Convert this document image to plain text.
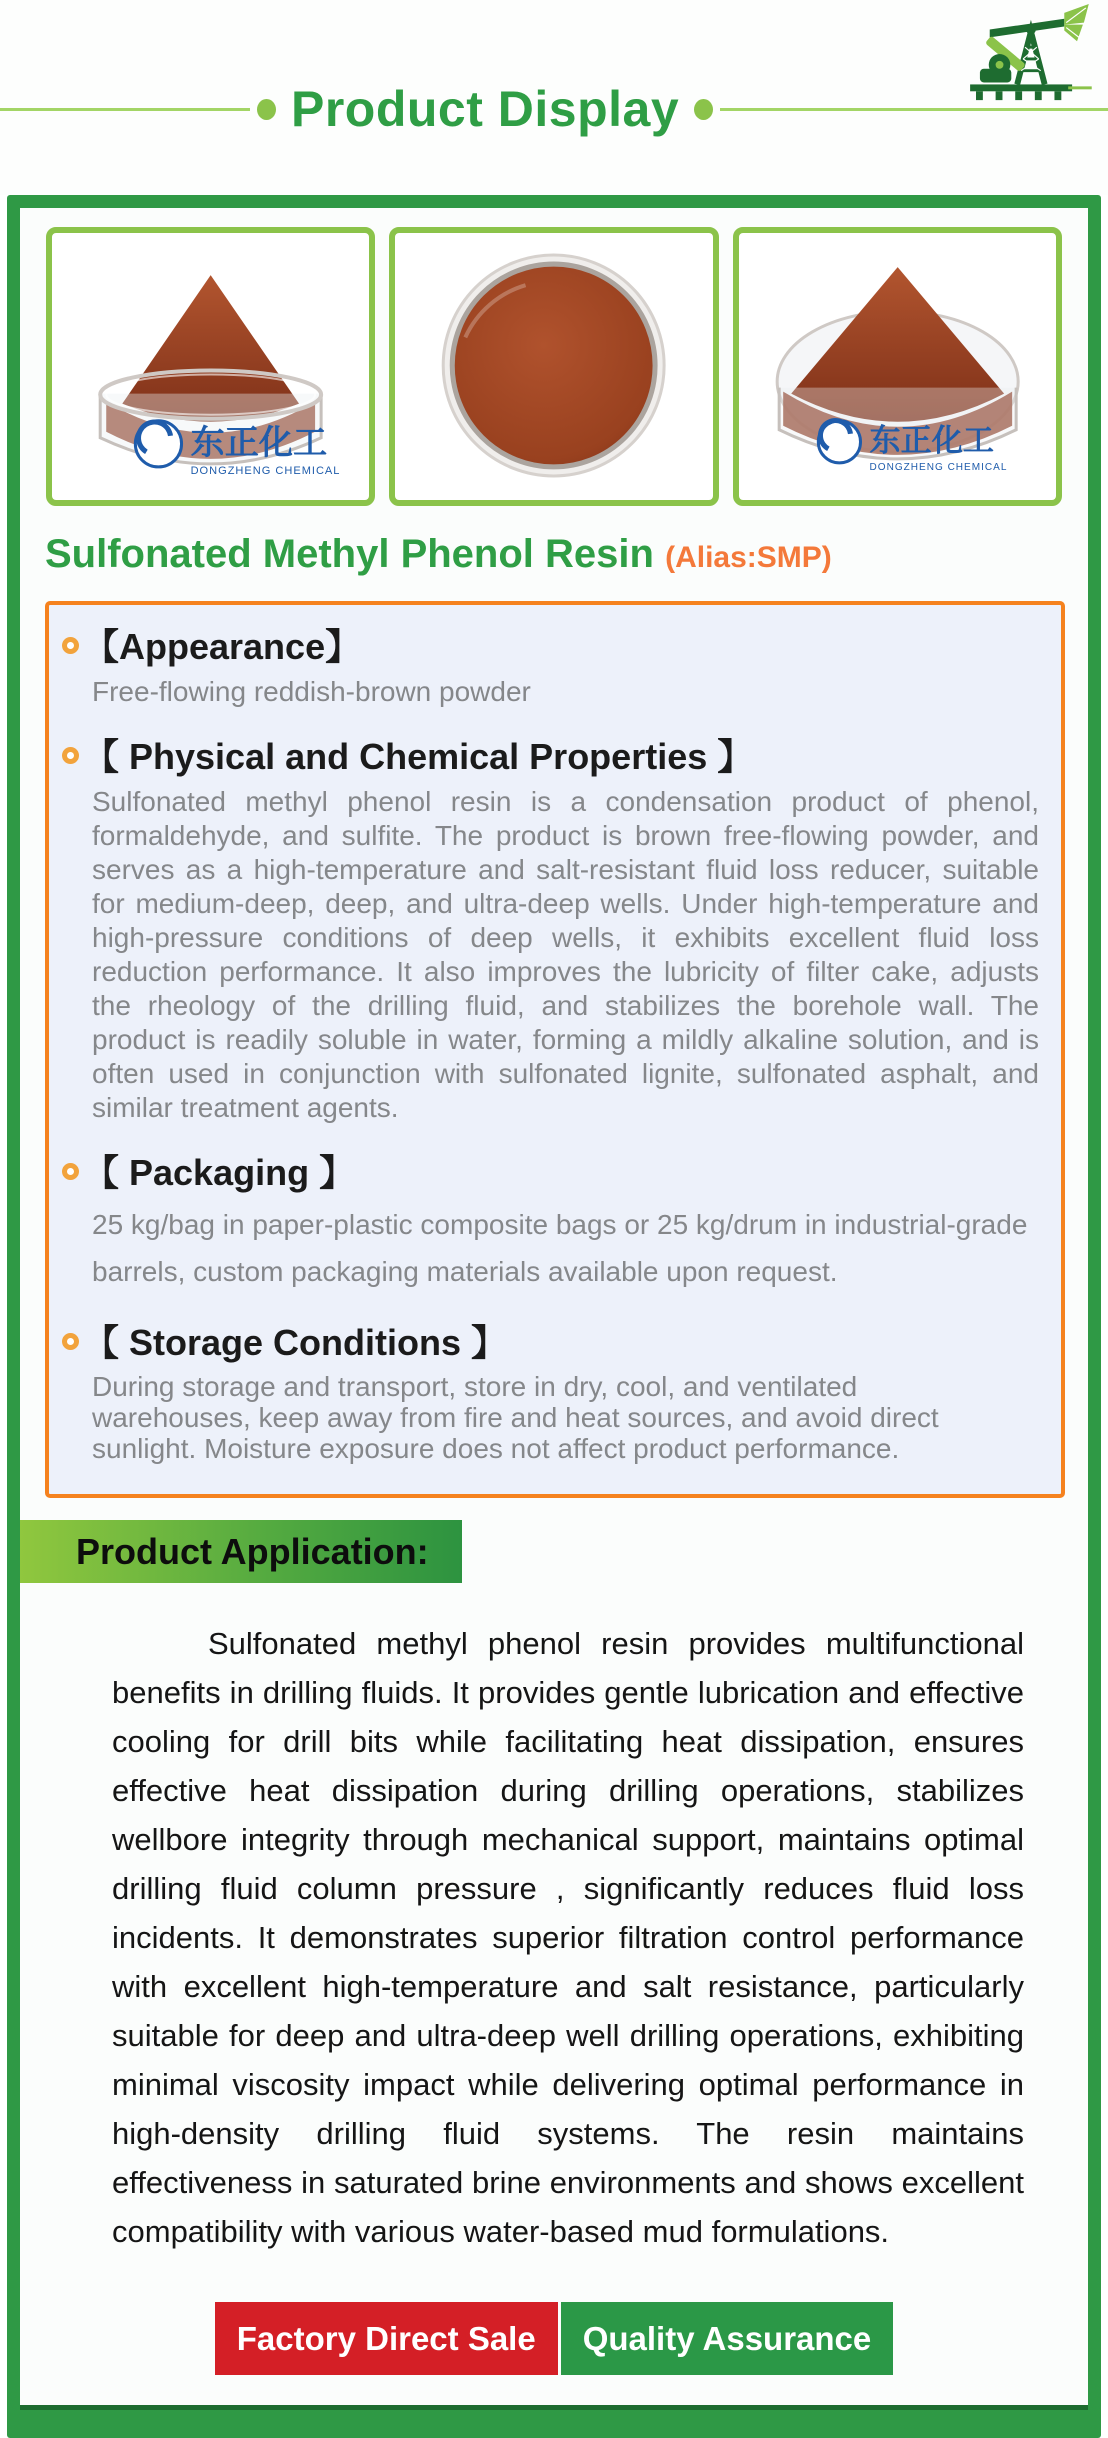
Product Display
东正化工
DONGZHENG CHEMICAL
东正化工
DONGZHENG CHEMICAL
Sulfonated Methyl Phenol Resin (Alias:SMP)
【Appearance】

Free-flowing reddish-brown powder

【 Physical and Chemical Properties 】

Sulfonated methyl phenol resin is a condensation product of phenol, formaldehyde, and sulfite. The product is brown free-flowing powder, and serves as a high-temperature and salt-resistant fluid loss reducer, suitable for medium-deep, deep, and ultra-deep wells. Under high-temperature and high-pressure conditions of deep wells, it exhibits excellent fluid loss reduction performance. It also improves the lubricity of filter cake, adjusts the rheology of the drilling fluid, and stabilizes the borehole wall. The product is readily soluble in water, forming a mildly alkaline solution, and is often used in conjunction with sulfonated lignite, sulfonated asphalt, and similar treatment agents.

【 Packaging 】

25 kg/bag in paper-plastic composite bags or 25 kg/drum in industrial-grade barrels, custom packaging materials available upon request.

【 Storage Conditions 】

During storage and transport, store in dry, cool, and ventilated warehouses, keep away from fire and heat sources, and avoid direct sunlight. Moisture exposure does not affect product performance.

Product Application:

Sulfonated methyl phenol resin provides multifunctional benefits in drilling fluids. It provides gentle lubrication and effective cooling for drill bits while facilitating heat dissipation, ensures effective heat dissipation during drilling operations, stabilizes wellbore integrity through mechanical support, maintains optimal drilling fluid column pressure , significantly reduces fluid loss incidents. It demonstrates superior filtration control performance with excellent high-temperature and salt resistance, particularly suitable for deep and ultra-deep well drilling operations, exhibiting minimal viscosity impact while delivering optimal performance in high-density drilling fluid systems. The resin maintains effectiveness in saturated brine environments and shows excellent compatibility with various water-based mud formulations.

Factory Direct Sale	Quality Assurance
